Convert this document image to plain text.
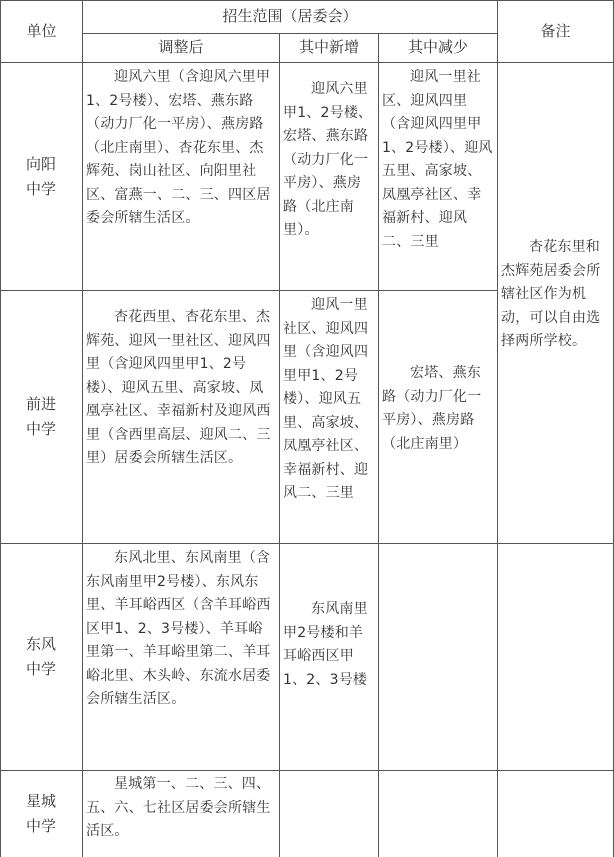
单位
招生范围（居委会）
调整后	其中新增	其中减少
备注
向阳中学
迎风六里（含迎风六里甲1、2号楼）、宏塔、燕东路（动力厂化一平房）、燕房路（北庄南里）、杏花东里、杰辉苑、岗山社区、向阳里社区、富燕一、二、三、四区居委会所辖生活区。
迎风六里甲1、2号楼、宏塔、燕东路（动力厂化一平房）、燕房路（北庄南里）。
迎风一里社区、迎风四里（含迎风四里甲1、2号楼）、迎风五里、高家坡、凤凰亭社区、幸福新村、迎风二、三里
前进中学
杏花西里、杏花东里、杰辉苑、迎风一里社区、迎风四里（含迎风四里甲1、2号楼）、迎风五里、高家坡、凤凰亭社区、幸福新村及迎风西里（含西里高层、迎风二、三里）居委会所辖生活区。
迎风一里社区、迎风四里（含迎风四里甲1、2号楼）、迎风五里、高家坡、凤凰亭社区、幸福新村、迎风二、三里
宏塔、燕东路（动力厂化一平房）、燕房路（北庄南里）
杏花东里和杰辉苑居委会所辖社区作为机动，可以自由选择两所学校。
东风中学
东风北里、东风南里（含东风南里甲2号楼）、东风东里、羊耳峪西区（含羊耳峪西区甲1、2、3号楼）、羊耳峪里第一、羊耳峪里第二、羊耳峪北里、木头岭、东流水居委会所辖生活区。
东风南里甲2号楼和羊耳峪西区甲1、2、3号楼
星城中学
星城第一、二、三、四、五、六、七社区居委会所辖生活区。
